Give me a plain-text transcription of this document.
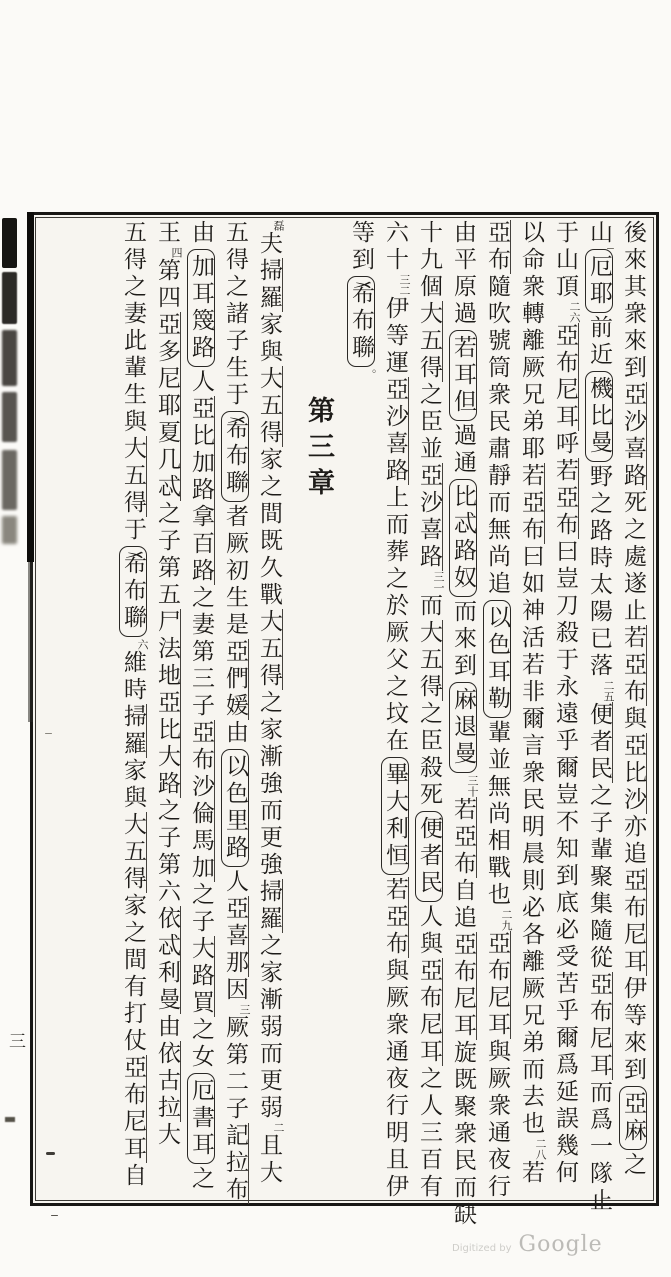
三
後來其衆來到亞沙喜路死之處遂止若亞布與亞比沙亦追亞布尼耳伊等來到亞麻之
山厄耶前近機比曼野之路時太陽已落二五便者民之子輩聚集隨從亞布尼耳而爲一隊止
于山頂二六亞布尼耳呼若亞布曰豈刀殺于永遠乎爾豈不知到底必受苦乎爾爲延誤幾何
以命衆轉離厥兄弟耶若亞布曰如神活若非爾言衆民明晨則必各離厥兄弟而去也二八若
亞布隨吹號筒衆民肅靜而無尚追以色耳勒輩並無尚相戰也二九亞布尼耳與厥衆通夜行
由平原過若耳但過通比忒路奴而來到麻退曼三十若亞布自追亞布尼耳旋既聚衆民而缺
十九個大五得之臣並亞沙喜路三一而大五得之臣殺死便者民人與亞布尼耳之人三百有
六十三二伊等運亞沙喜路上而葬之於厥父之坟在畢大利恒若亞布與厥衆通夜行明且伊
等到希布聯。
第三章
磊夫掃羅家與大五得家之間既久戰大五得之家漸強而更強掃羅之家漸弱而更弱二且大
五得之諸子生于希布聯者厥初生是亞們媛由以色里路人亞喜那因三厥第二子記拉布
由加耳篾路人亞比加路拿百路之妻第三子亞布沙倫馬加之子大路買之女厄書耳之
王四第四亞多尼耶夏几忒之子第五尸法地亞比大路之子第六依忒利曼由依古拉大
五得之妻此輩生與大五得于希布聯六維時掃羅家與大五得家之間有打仗亞布尼耳自
Digitized by Google
